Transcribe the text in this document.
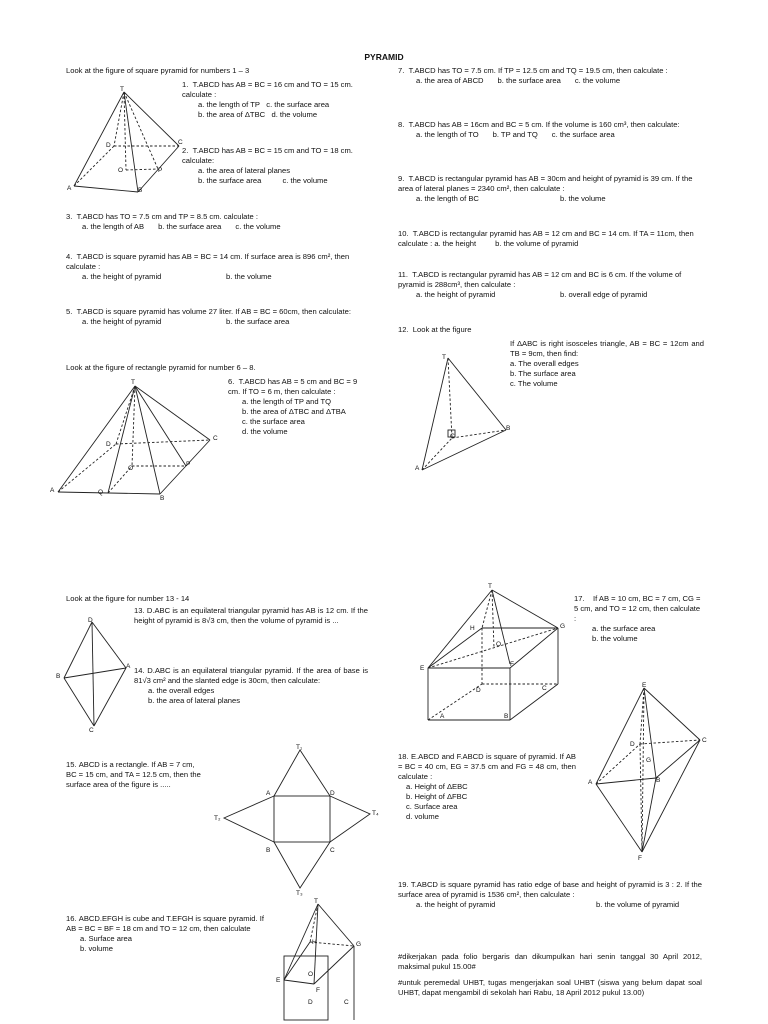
PYRAMID
Look at the figure of square pyramid for numbers 1 – 3
T
A	B
C
D
O	P
1. T.ABCD has AB = BC = 16 cm and TO = 15 cm. calculate :
a. the length of TP c. the surface area
b. the area of ΔTBC d. the volume
2. T.ABCD has AB = BC = 15 cm and TO = 18 cm. calculate:
a. the area of lateral planes
b. the surface area	c. the volume
3. T.ABCD has TO = 7.5 cm and TP = 8.5 cm. calculate :
a. the length of AB b. the surface area c. the volume
4. T.ABCD is square pyramid has AB = BC = 14 cm. If surface area is 896 cm², then calculate :
a. the height of pyramid	b. the volume
5. T.ABCD is square pyramid has volume 27 liter. If AB = BC = 60cm, then calculate:
a. the height of pyramid	b. the surface area
Look at the figure of rectangle pyramid for number 6 – 8.
T
A
B
C
D
O
P
Q
6. T.ABCD has AB = 5 cm and BC = 9 cm. If TO = 6 m, then calculate :
a. the length of TP and TQ
b. the area of ΔTBC and ΔTBA
c. the surface area
d. the volume
7. T.ABCD has TO = 7.5 cm. If TP = 12.5 cm and TQ = 19.5 cm, then calculate :
a. the area of ABCD b. the surface area c. the volume
8. T.ABCD has AB = 16cm and BC = 5 cm. If the volume is 160 cm³, then calculate:
a. the length of TO b. TP and TQ c. the surface area
9. T.ABCD is rectangular pyramid has AB = 30cm and height of pyramid is 39 cm. If the area of lateral planes = 2340 cm², then calculate :
a. the length of BC	b. the volume
10. T.ABCD is rectangular pyramid has AB = 12 cm and BC = 14 cm. If TA = 11cm, then calculate : a. the height	b. the volume of pyramid
11. T.ABCD is rectangular pyramid has AB = 12 cm and BC is 6 cm. If the volume of pyramid is 288cm³, then calculate :
a. the height of pyramid	b. overall edge of pyramid
12. Look at the figure
T
A
B
C
If ΔABC is right isosceles triangle, AB = BC = 12cm and TB = 9cm, then find:
a. The overall edges
b. The surface area
c. The volume
Look at the figure for number 13 - 14
D
B
A
C
13. D.ABC is an equilateral triangular pyramid has AB is 12 cm. If the height of pyramid is 8√3 cm, then the volume of pyramid is ...
14. D.ABC is an equilateral triangular pyramid. If the area of base is 81√3 cm² and the slanted edge is 30cm, then calculate:
a. the overall edges
b. the area of lateral planes
15. ABCD is a rectangle. If AB = 7 cm, BC = 15 cm, and TA = 12.5 cm, then the surface area of the figure is .....
T₁
T₃
T₂
T₄
A	D
B	C
16. ABCD.EFGH is cube and T.EFGH is square pyramid. If AB = BC = BF = 18 cm and TO = 12 cm, then calculate
a. Surface area
b. volume
T
G
E
H
F
O
D	C
T
H	G
E
F
O
D	C
A	B
17. If AB = 10 cm, BC = 7 cm, CG = 5 cm, and TO = 12 cm, then calculate :
a. the surface area
b. the volume
E
A	B
C
D
G
F
18. E.ABCD and F.ABCD is square of pyramid. If AB = BC = 40 cm, EG = 37.5 cm and FG = 48 cm, then calculate :
a. Height of ΔEBC
b. Height of ΔFBC
c. Surface area
d. volume
19. T.ABCD is square pyramid has ratio edge of base and height of pyramid is 3 : 2. If the surface area of pyramid is 1536 cm², then calculate :
a. the height of pyramid	b. the volume of pyramid
#dikerjakan pada folio bergaris dan dikumpulkan hari senin tanggal 30 April 2012, maksimal pukul 15.00#
#untuk peremedal UHBT, tugas mengerjakan soal UHBT (siswa yang belum dapat soal UHBT, dapat mengambil di sekolah hari Rabu, 18 April 2012 pukul 13.00)
